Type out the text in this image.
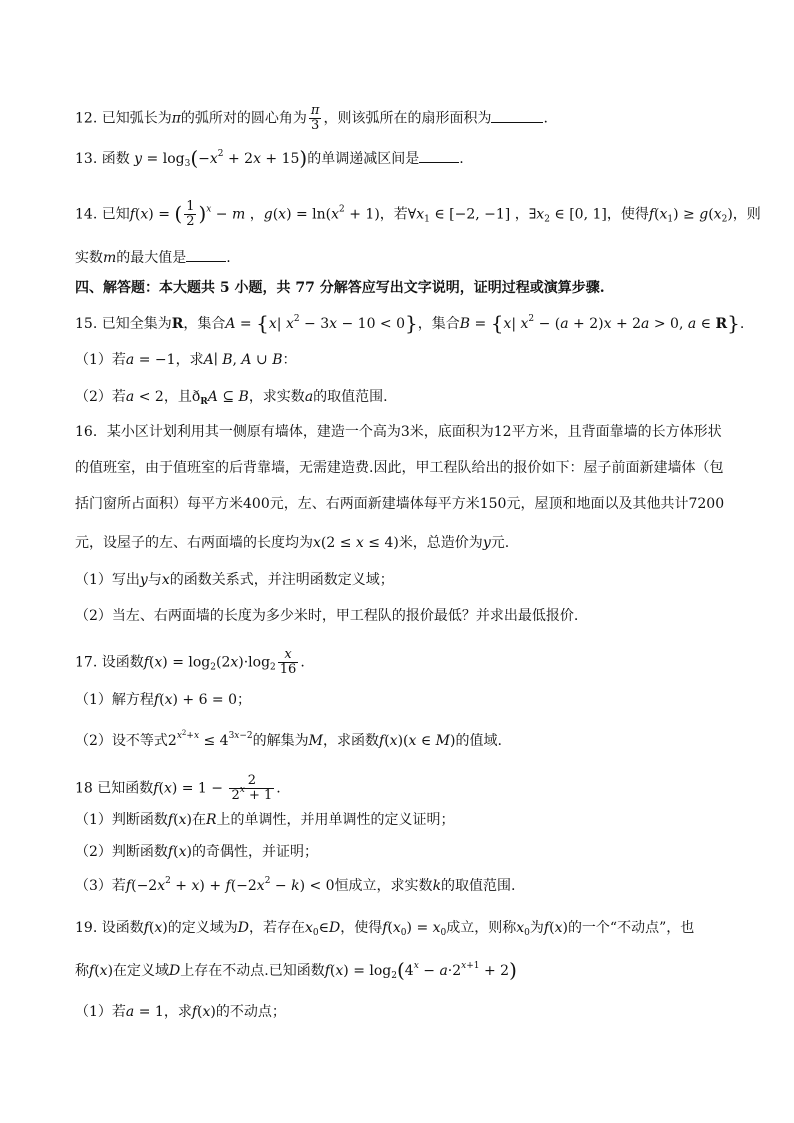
12. 已知弧长为π的弧所对的圆心角为 $\frac{\pi}{3}$ ，则该弧所在的扇形面积为	.
13. 函数 $y = \log_3(-x^2 + 2x + 15)$的单调递减区间是	.
14. 已知f(x) = ( $\frac{1}{2} )^x - m$ ，$g(x) = \ln(x^2 + 1)$，若$\forall x_1$ ∈ [−2, −1] ，$\exists x_2$ ∈ [0, 1]，使得$f(x_1) \ge g(x_2)$，则
实数m的最大值是	.
四、解答题：本大题共 5 小题，共 77 分解答应写出文字说明，证明过程或演算步骤.
15. 已知全集为R，集合A = {x| $x^2 - 3x - 10 < 0$}，集合B = {x| $x^2 - (a + 2)x + 2a > 0$, a ∈ R}.
（1）若a = −1，求A∣ B, A ∪ B：
（2）若a < 2，且$ð_RA$ ⊆ B，求实数a的取值范围.
16．某小区计划利用其一侧原有墙体，建造一个高为3米，底面积为12平方米，且背面靠墙的长方体形状
的值班室，由于值班室的后背靠墙，无需建造费.因此，甲工程队给出的报价如下：屋子前面新建墙体（包
括门窗所占面积）每平方米400元，左、右两面新建墙体每平方米150元，屋顶和地面以及其他共计7200
元，设屋子的左、右两面墙的长度均为x(2 ≤ x ≤ 4)米，总造价为y元.
（1）写出y与x的函数关系式，并注明函数定义域；
（2）当左、右两面墙的长度为多少米时，甲工程队的报价最低？并求出最低报价.
17. 设函数$f(x) = \log_2(2x)\cdot\log_2 \frac{x}{16}$ .
（1）解方程f(x) + 6 = 0；
（2）设不等式$2^{x^2+x} \le 4^{3x-2}$的解集为M，求函数f(x)(x ∈ M)的值域.
18 已知函数$f(x) = 1 - \frac{2}{2^x + 1}$ .
（1）判断函数f(x)在R上的单调性，并用单调性的定义证明；
（2）判断函数f(x)的奇偶性，并证明；
（3）若$f(-2x^2 + x) + f(-2x^2 - k) < 0$恒成立，求实数k的取值范围.
19. 设函数f(x)的定义域为D，若存在$x_0\in D$，使得$f(x_0) = x_0$成立，则称$x_0$为f(x)的一个“不动点”，也
称f(x)在定义域D上存在不动点.已知函数$f(x) = \log_2(4^x - a\cdot 2^{x+1} + 2)$
（1）若a = 1，求f(x)的不动点；
